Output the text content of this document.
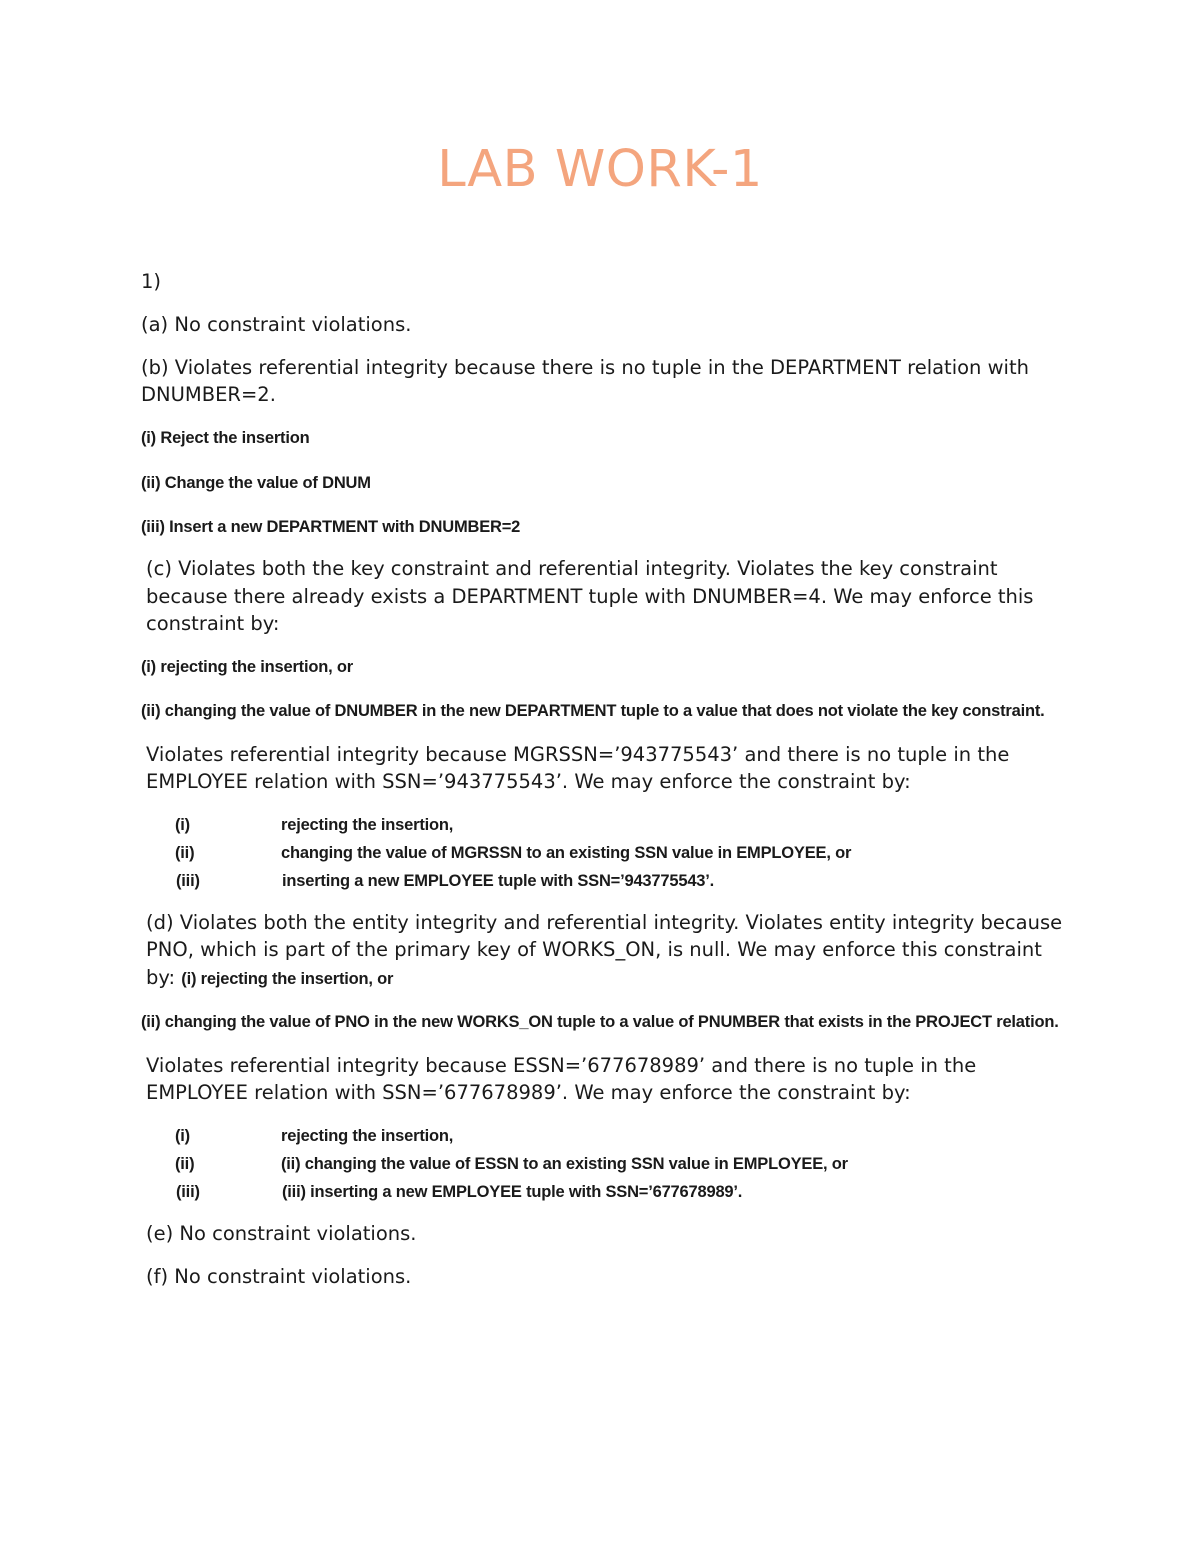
LAB WORK-1

1)

(a) No constraint violations.

(b) Violates referential integrity because there is no tuple in the DEPARTMENT relation with DNUMBER=2.

(i) Reject the insertion

(ii) Change the value of DNUM

(iii) Insert a new DEPARTMENT with DNUMBER=2

(c) Violates both the key constraint and referential integrity. Violates the key constraint because there already exists a DEPARTMENT tuple with DNUMBER=4. We may enforce this constraint by:

(i) rejecting the insertion, or

(ii) changing the value of DNUMBER in the new DEPARTMENT tuple to a value that does not violate the key constraint.

Violates referential integrity because MGRSSN=’943775543’ and there is no tuple in the EMPLOYEE relation with SSN=’943775543’. We may enforce the constraint by:

(i)	rejecting the insertion,
(ii)	changing the value of MGRSSN to an existing SSN value in EMPLOYEE, or
(iii)	inserting a new EMPLOYEE tuple with SSN=’943775543’.

(d) Violates both the entity integrity and referential integrity. Violates entity integrity because PNO, which is part of the primary key of WORKS_ON, is null. We may enforce this constraint by: (i) rejecting the insertion, or

(ii) changing the value of PNO in the new WORKS_ON tuple to a value of PNUMBER that exists in the PROJECT relation.

Violates referential integrity because ESSN=’677678989’ and there is no tuple in the EMPLOYEE relation with SSN=’677678989’. We may enforce the constraint by:

(i)	rejecting the insertion,
(ii)	(ii) changing the value of ESSN to an existing SSN value in EMPLOYEE, or
(iii)	(iii) inserting a new EMPLOYEE tuple with SSN=’677678989’.

(e) No constraint violations.

(f) No constraint violations.
